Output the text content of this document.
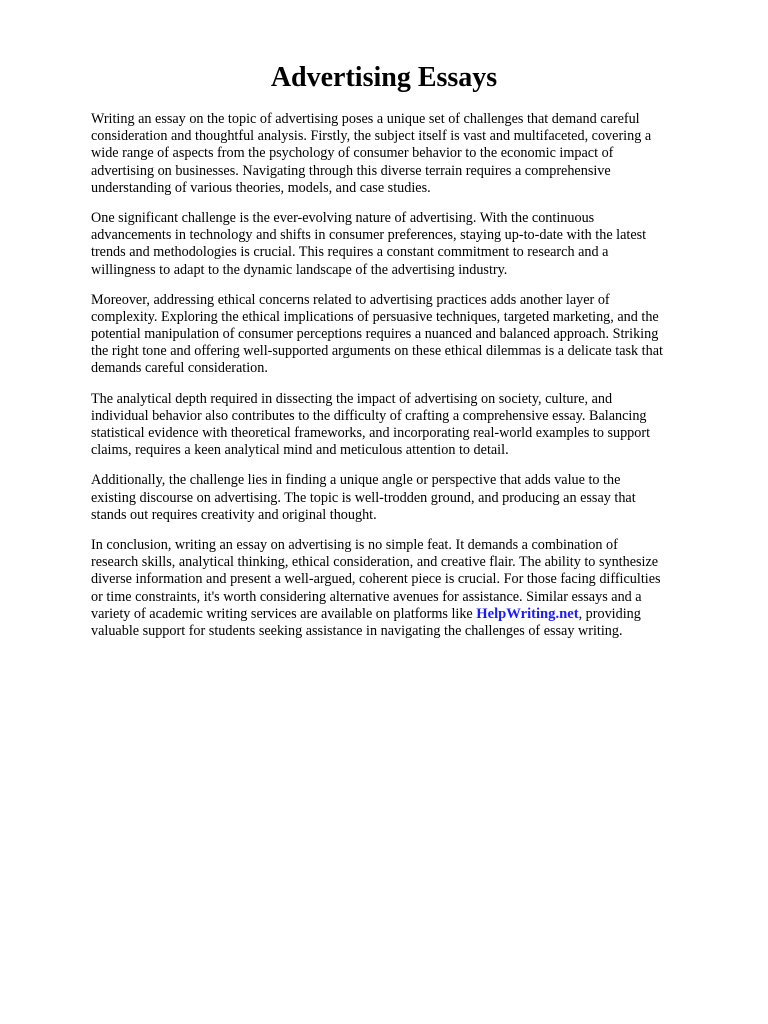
Advertising Essays

Writing an essay on the topic of advertising poses a unique set of challenges that demand careful
consideration and thoughtful analysis. Firstly, the subject itself is vast and multifaceted, covering a
wide range of aspects from the psychology of consumer behavior to the economic impact of
advertising on businesses. Navigating through this diverse terrain requires a comprehensive
understanding of various theories, models, and case studies.

One significant challenge is the ever-evolving nature of advertising. With the continuous
advancements in technology and shifts in consumer preferences, staying up-to-date with the latest
trends and methodologies is crucial. This requires a constant commitment to research and a
willingness to adapt to the dynamic landscape of the advertising industry.

Moreover, addressing ethical concerns related to advertising practices adds another layer of
complexity. Exploring the ethical implications of persuasive techniques, targeted marketing, and the
potential manipulation of consumer perceptions requires a nuanced and balanced approach. Striking
the right tone and offering well-supported arguments on these ethical dilemmas is a delicate task that
demands careful consideration.

The analytical depth required in dissecting the impact of advertising on society, culture, and
individual behavior also contributes to the difficulty of crafting a comprehensive essay. Balancing
statistical evidence with theoretical frameworks, and incorporating real-world examples to support
claims, requires a keen analytical mind and meticulous attention to detail.

Additionally, the challenge lies in finding a unique angle or perspective that adds value to the
existing discourse on advertising. The topic is well-trodden ground, and producing an essay that
stands out requires creativity and original thought.

In conclusion, writing an essay on advertising is no simple feat. It demands a combination of
research skills, analytical thinking, ethical consideration, and creative flair. The ability to synthesize
diverse information and present a well-argued, coherent piece is crucial. For those facing difficulties
or time constraints, it's worth considering alternative avenues for assistance. Similar essays and a
variety of academic writing services are available on platforms like HelpWriting.net, providing
valuable support for students seeking assistance in navigating the challenges of essay writing.
